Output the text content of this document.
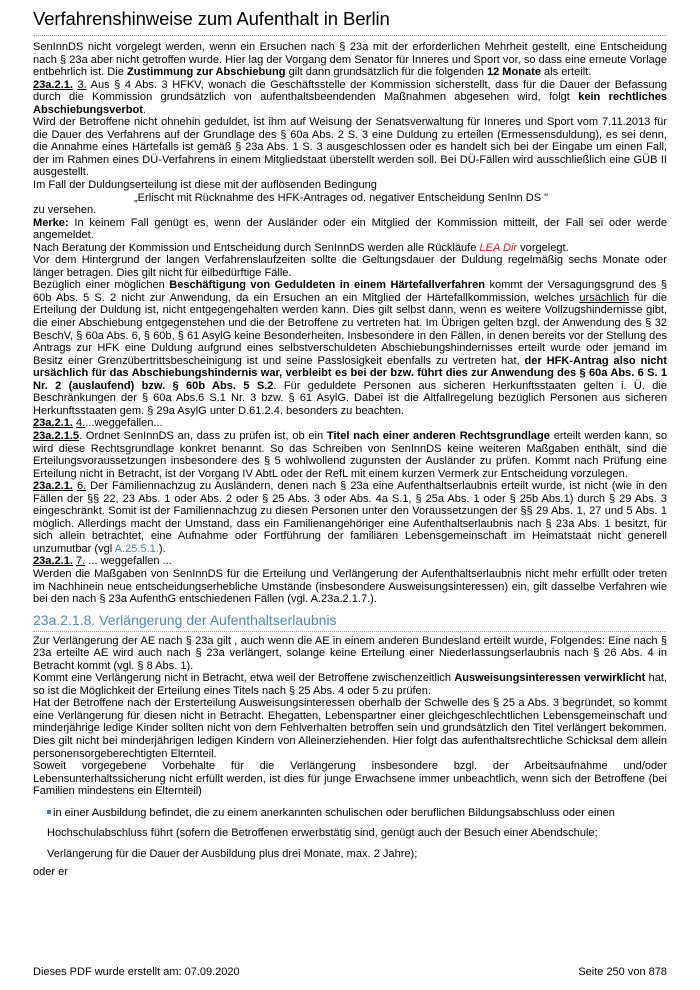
Verfahrenshinweise zum Aufenthalt in Berlin

SenInnDS nicht vorgelegt werden, wenn ein Ersuchen nach § 23a mit der erforderlichen Mehrheit gestellt, eine Entscheidung nach § 23a aber nicht getroffen wurde. Hier lag der Vorgang dem Senator für Inneres und Sport vor, so dass eine erneute Vorlage entbehrlich ist. Die Zustimmung zur Abschiebung gilt dann grundsätzlich für die folgenden 12 Monate als erteilt.

23a.2.1. 3. Aus § 4 Abs. 3 HFKV, wonach die Geschäftsstelle der Kommission sicherstellt, dass für die Dauer der Befassung durch die Kommission grundsätzlich von aufenthaltsbeendenden Maßnahmen abgesehen wird, folgt kein rechtliches Abschiebungsverbot.

Wird der Betroffene nicht ohnehin geduldet, ist ihm auf Weisung der Senatsverwaltung für Inneres und Sport vom 7.11.2013 für die Dauer des Verfahrens auf der Grundlage des § 60a Abs. 2 S. 3 eine Duldung zu erteilen (Ermessensduldung), es sei denn, die Annahme eines Härtefalls ist gemäß § 23a Abs. 1 S. 3 ausgeschlossen oder es handelt sich bei der Eingabe um einen Fall, der im Rahmen eines DÜ-Verfahrens in einem Mitgliedstaat überstellt werden soll. Bei DÜ-Fällen wird ausschließlich eine GÜB II ausgestellt.

Im Fall der Duldungserteilung ist diese mit der auflösenden Bedingung

„Erlischt mit Rücknahme des HFK-Antrages od. negativer Entscheidung SenInn DS "

zu versehen.

Merke: In keinem Fall genügt es, wenn der Ausländer oder ein Mitglied der Kommission mitteilt, der Fall sei oder werde angemeldet.

Nach Beratung der Kommission und Entscheidung durch SenInnDS werden alle Rückläufe LEA Dir vorgelegt.

Vor dem Hintergrund der langen Verfahrenslaufzeiten sollte die Geltungsdauer der Duldung regelmäßig sechs Monate oder länger betragen. Dies gilt nicht für eilbedürftige Fälle.

Bezüglich einer möglichen Beschäftigung von Geduldeten in einem Härtefallverfahren kommt der Versagungsgrund des § 60b Abs. 5 S. 2 nicht zur Anwendung, da ein Ersuchen an ein Mitglied der Härtefallkommission, welches ursächlich für die Erteilung der Duldung ist, nicht entgegengehalten werden kann. Dies gilt selbst dann, wenn es weitere Vollzugshindernisse gibt, die einer Abschiebung entgegenstehen und die der Betroffene zu vertreten hat. Im Übrigen gelten bzgl. der Anwendung des § 32 BeschV, § 60a Abs. 6, § 60b, § 61 AsylG keine Besonderheiten. Insbesondere in den Fällen, in denen bereits vor der Stellung des Antrags zur HFK eine Duldung aufgrund eines selbstverschuldeten Abschiebungshindernisses erteilt wurde oder jemand im Besitz einer Grenzübertrittsbescheinigung ist und seine Passlosigkeit ebenfalls zu vertreten hat, der HFK-Antrag also nicht ursächlich für das Abschiebungshindernis war, verbleibt es bei der bzw. führt dies zur Anwendung des § 60a Abs. 6 S. 1 Nr. 2 (auslaufend) bzw. § 60b Abs. 5 S.2. Für geduldete Personen aus sicheren Herkunftsstaaten gelten i. Ü. die Beschränkungen der § 60a Abs.6 S.1 Nr. 3 bzw. § 61 AsylG. Dabei ist die Altfallregelung bezüglich Personen aus sicheren Herkunftsstaaten gem. § 29a AsylG unter D.61.2.4. besonders zu beachten.

23a.2.1. 4....weggefallen...

23a.2.1.5. Ordnet SenInnDS an, dass zu prüfen ist, ob ein Titel nach einer anderen Rechtsgrundlage erteilt werden kann, so wird diese Rechtsgrundlage konkret benannt. So das Schreiben von SenInnDS keine weiteren Maßgaben enthält, sind die Erteilungsvoraussetzungen insbesondere des § 5 wohlwollend zugunsten der Ausländer zu prüfen. Kommt nach Prüfung eine Erteilung nicht in Betracht, ist der Vorgang IV AbtL oder der RefL mit einem kurzen Vermerk zur Entscheidung vorzulegen.

23a.2.1. 6. Der Familiennachzug zu Ausländern, denen nach § 23a eine Aufenthaltserlaubnis erteilt wurde, ist nicht (wie in den Fällen der §§ 22, 23 Abs. 1 oder Abs. 2 oder § 25 Abs. 3 oder Abs. 4a S.1, § 25a Abs. 1 oder § 25b Abs.1) durch § 29 Abs. 3 eingeschränkt. Somit ist der Familiennachzug zu diesen Personen unter den Voraussetzungen der §§ 29 Abs. 1, 27 und 5 Abs. 1 möglich. Allerdings macht der Umstand, dass ein Familienangehöriger eine Aufenthaltserlaubnis nach § 23a Abs. 1 besitzt, für sich allein betrachtet, eine Aufnahme oder Fortführung der familiären Lebensgemeinschaft im Heimatstaat nicht generell unzumutbar (vgl A.25.5.1.).

23a.2.1. 7. ... weggefallen ...

Werden die Maßgaben von SenInnDS für die Erteilung und Verlängerung der Aufenthaltserlaubnis nicht mehr erfüllt oder treten im Nachhinein neue entscheidungserhebliche Umstände (insbesondere Ausweisungsinteressen) ein, gilt dasselbe Verfahren wie bei den nach § 23a AufenthG entschiedenen Fällen (vgl. A.23a.2.1.7.).

23a.2.1.8. Verlängerung der Aufenthaltserlaubnis

Zur Verlängerung der AE nach § 23a gilt , auch wenn die AE in einem anderen Bundesland erteilt wurde, Folgendes: Eine nach § 23a erteilte AE wird auch nach § 23a verlängert, solange keine Erteilung einer Niederlassungserlaubnis nach § 26 Abs. 4 in Betracht kommt (vgl. § 8 Abs. 1).

Kommt eine Verlängerung nicht in Betracht, etwa weil der Betroffene zwischenzeitlich Ausweisungsinteressen verwirklicht hat, so ist die Möglichkeit der Erteilung eines Titels nach § 25 Abs. 4 oder 5 zu prüfen.

Hat der Betroffene nach der Ersterteilung Ausweisungsinteressen oberhalb der Schwelle des § 25 a Abs. 3 begründet, so kommt eine Verlängerung für diesen nicht in Betracht. Ehegatten, Lebenspartner einer gleichgeschlechtlichen Lebensgemeinschaft und minderjährige ledige Kinder sollten nicht von dem Fehlverhalten betroffen sein und grundsätzlich den Titel verlängert bekommen. Dies gilt nicht bei minderjährigen ledigen Kindern von Alleinerziehenden. Hier folgt das aufenthaltsrechtliche Schicksal dem allein personensorgeberechtigten Elternteil.

Soweit vorgegebene Vorbehalte für die Verlängerung insbesondere bzgl. der Arbeitsaufnahme und/oder Lebensunterhaltssicherung nicht erfüllt werden, ist dies für junge Erwachsene immer unbeachtlich, wenn sich der Betroffene (bei Familien mindestens ein Elternteil)

in einer Ausbildung befindet, die zu einem anerkannten schulischen oder beruflichen Bildungsabschluss oder einen
Hochschulabschluss führt (sofern die Betroffenen erwerbstätig sind, genügt auch der Besuch einer Abendschule;
Verlängerung für die Dauer der Ausbildung plus drei Monate, max. 2 Jahre);
oder er
Dieses PDF wurde erstellt am: 07.09.2020	Seite 250 von 878
